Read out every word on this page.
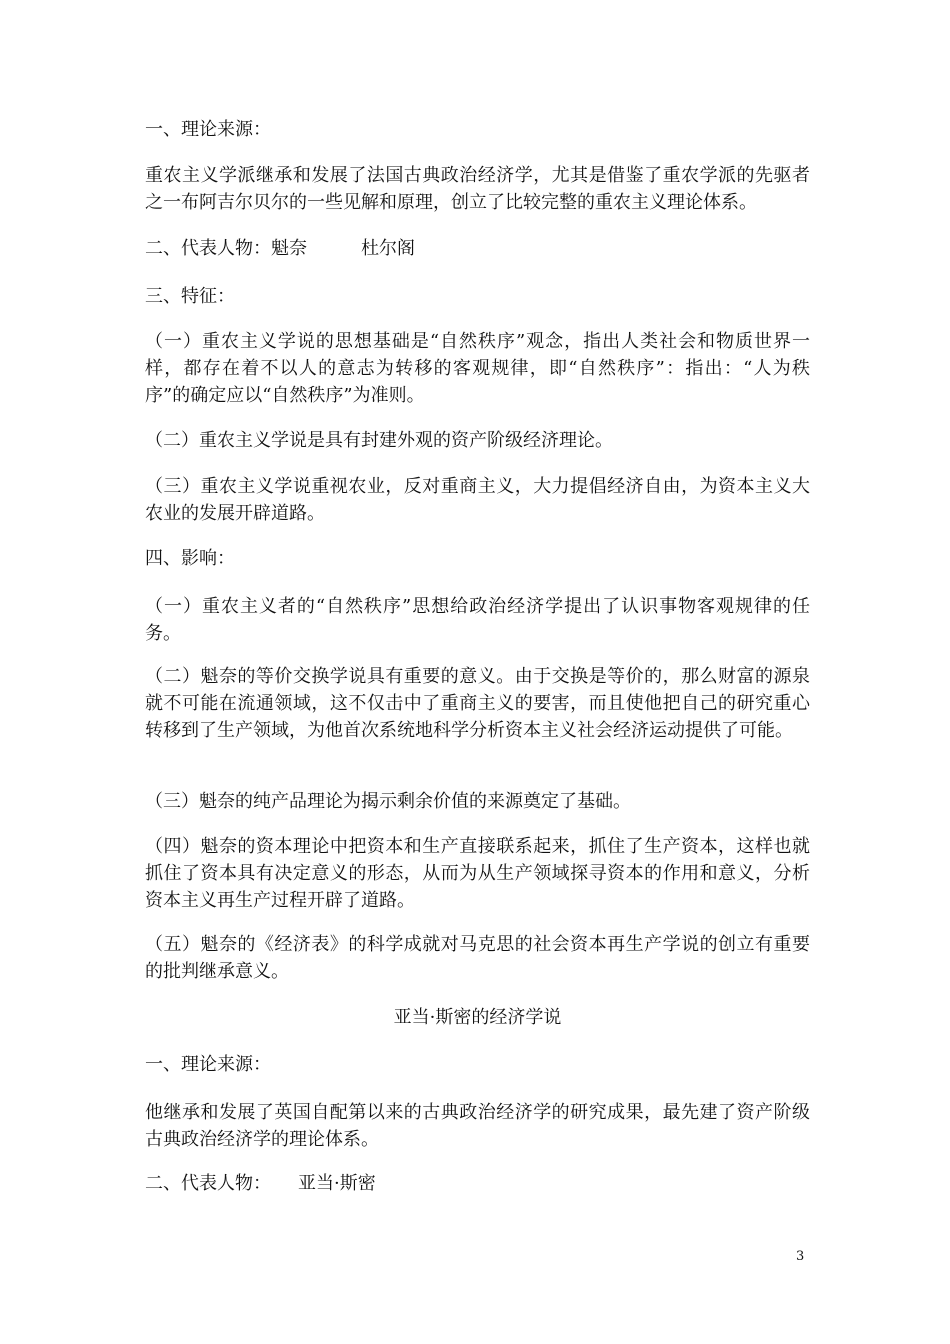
一、理论来源：

重农主义学派继承和发展了法国古典政治经济学，尤其是借鉴了重农学派的先驱者之一布阿吉尔贝尔的一些见解和原理，创立了比较完整的重农主义理论体系。

二、代表人物：魁奈　　　杜尔阁

三、特征：

（一）重农主义学说的思想基础是“自然秩序”观念，指出人类社会和物质世界一样，都存在着不以人的意志为转移的客观规律，即“自然秩序”：指出：“人为秩序”的确定应以“自然秩序”为准则。

（二）重农主义学说是具有封建外观的资产阶级经济理论。

（三）重农主义学说重视农业，反对重商主义，大力提倡经济自由，为资本主义大农业的发展开辟道路。

四、影响：

（一）重农主义者的“自然秩序”思想给政治经济学提出了认识事物客观规律的任务。

（二）魁奈的等价交换学说具有重要的意义。由于交换是等价的，那么财富的源泉就不可能在流通领域，这不仅击中了重商主义的要害，而且使他把自己的研究重心转移到了生产领域，为他首次系统地科学分析资本主义社会经济运动提供了可能。

（三）魁奈的纯产品理论为揭示剩余价值的来源奠定了基础。

（四）魁奈的资本理论中把资本和生产直接联系起来，抓住了生产资本，这样也就抓住了资本具有决定意义的形态，从而为从生产领域探寻资本的作用和意义，分析资本主义再生产过程开辟了道路。

（五）魁奈的《经济表》的科学成就对马克思的社会资本再生产学说的创立有重要的批判继承意义。

亚当·斯密的经济学说

一、理论来源：

他继承和发展了英国自配第以来的古典政治经济学的研究成果，最先建了资产阶级古典政治经济学的理论体系。

二、代表人物：　　亚当·斯密

3
